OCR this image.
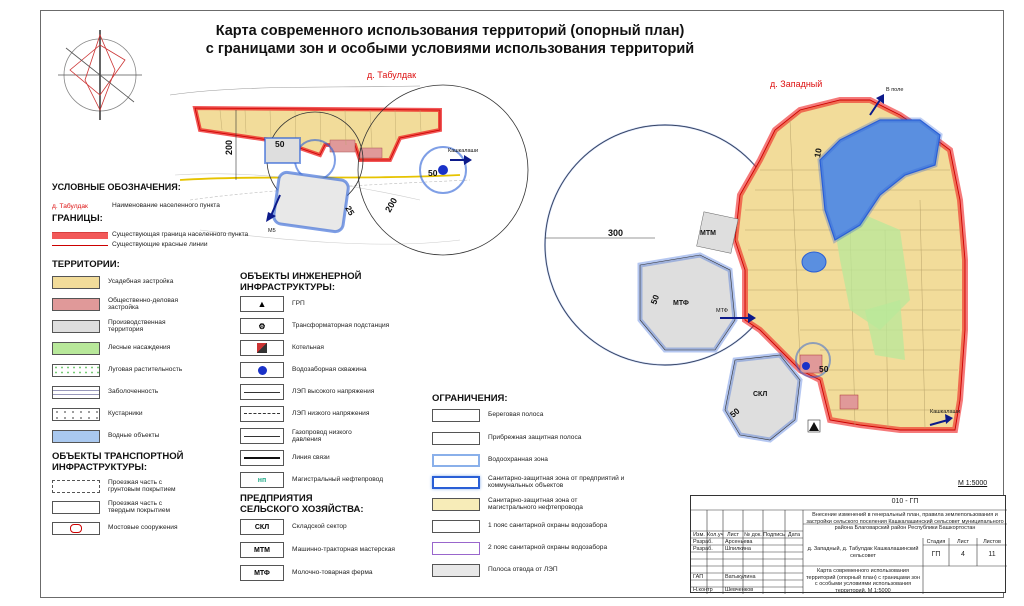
Карта современного использования территорий (опорный план)
с границами зон и особыми условиями использования территорий
д. Табулдак
д. Западный
200
200
50
50
25
300
50
50
50
10
МТМ
МТФ
МТФ
СКЛ
Кашкалаши
Кашкалаши
В поле
М5
М 1:5000
УСЛОВНЫЕ ОБОЗНАЧЕНИЯ:
д. Табулдак	Наименование населенного пункта
ГРАНИЦЫ:
Существующая граница населенного пункта
Существующие красные линии
ТЕРРИТОРИИ:
Усадебная застройка
Общественно-деловая застройка
Производственная территория
Лесные насаждения
Луговая растительность
Заболоченность
Кустарники
Водные объекты
ОБЪЕКТЫ ТРАНСПОРТНОЙ ИНФРАСТРУКТУРЫ:
Проезжая часть с грунтовым покрытием
Проезжая часть с твердым покрытием
Мостовые сооружения
ОБЪЕКТЫ ИНЖЕНЕРНОЙ ИНФРАСТРУКТУРЫ:
▲	ГРП
⚙	Трансформаторная подстанция
Котельная
Водозаборная скважина
ЛЭП высокого напряжения
ЛЭП низкого напряжения
Газопровод низкого давления
Линия связи
нп	Магистральный нефтепровод
ПРЕДПРИЯТИЯ СЕЛЬСКОГО ХОЗЯЙСТВА:
СКЛ	Складской сектор
МТМ	Машинно-тракторная мастерская
МТФ	Молочно-товарная ферма
ОГРАНИЧЕНИЯ:
Береговая полоса
Прибрежная защитная полоса
Водоохранная зона
Санитарно-защитная зона от предприятий и коммунальных объектов
Санитарно-защитная зона от магистрального нефтепровода
1 пояс санитарной охраны водозабора
2 пояс санитарной охраны водозабора
Полоса отвода от ЛЭП
010 - ГП
Внесение изменений в генеральный план, правила землепользования и застройки сельского поселения Кашкалашинский сельсовет муниципального района Благоварский район Республики Башкортостан
Изм. Кол.уч Лист № док. Подпись Дата
Разраб. Арсеньева
Разраб. Шпилкина	д. Западный, д. Табулдак Кашкалашинский сельсовет
Стадия	Лист	Листов
ГП	4	11
Карта современного использования территорий (опорный план) с границами зон с особыми условиями использования территорий. М 1:5000
ГАП	Ватыкулина
Н.контр Шевченков
